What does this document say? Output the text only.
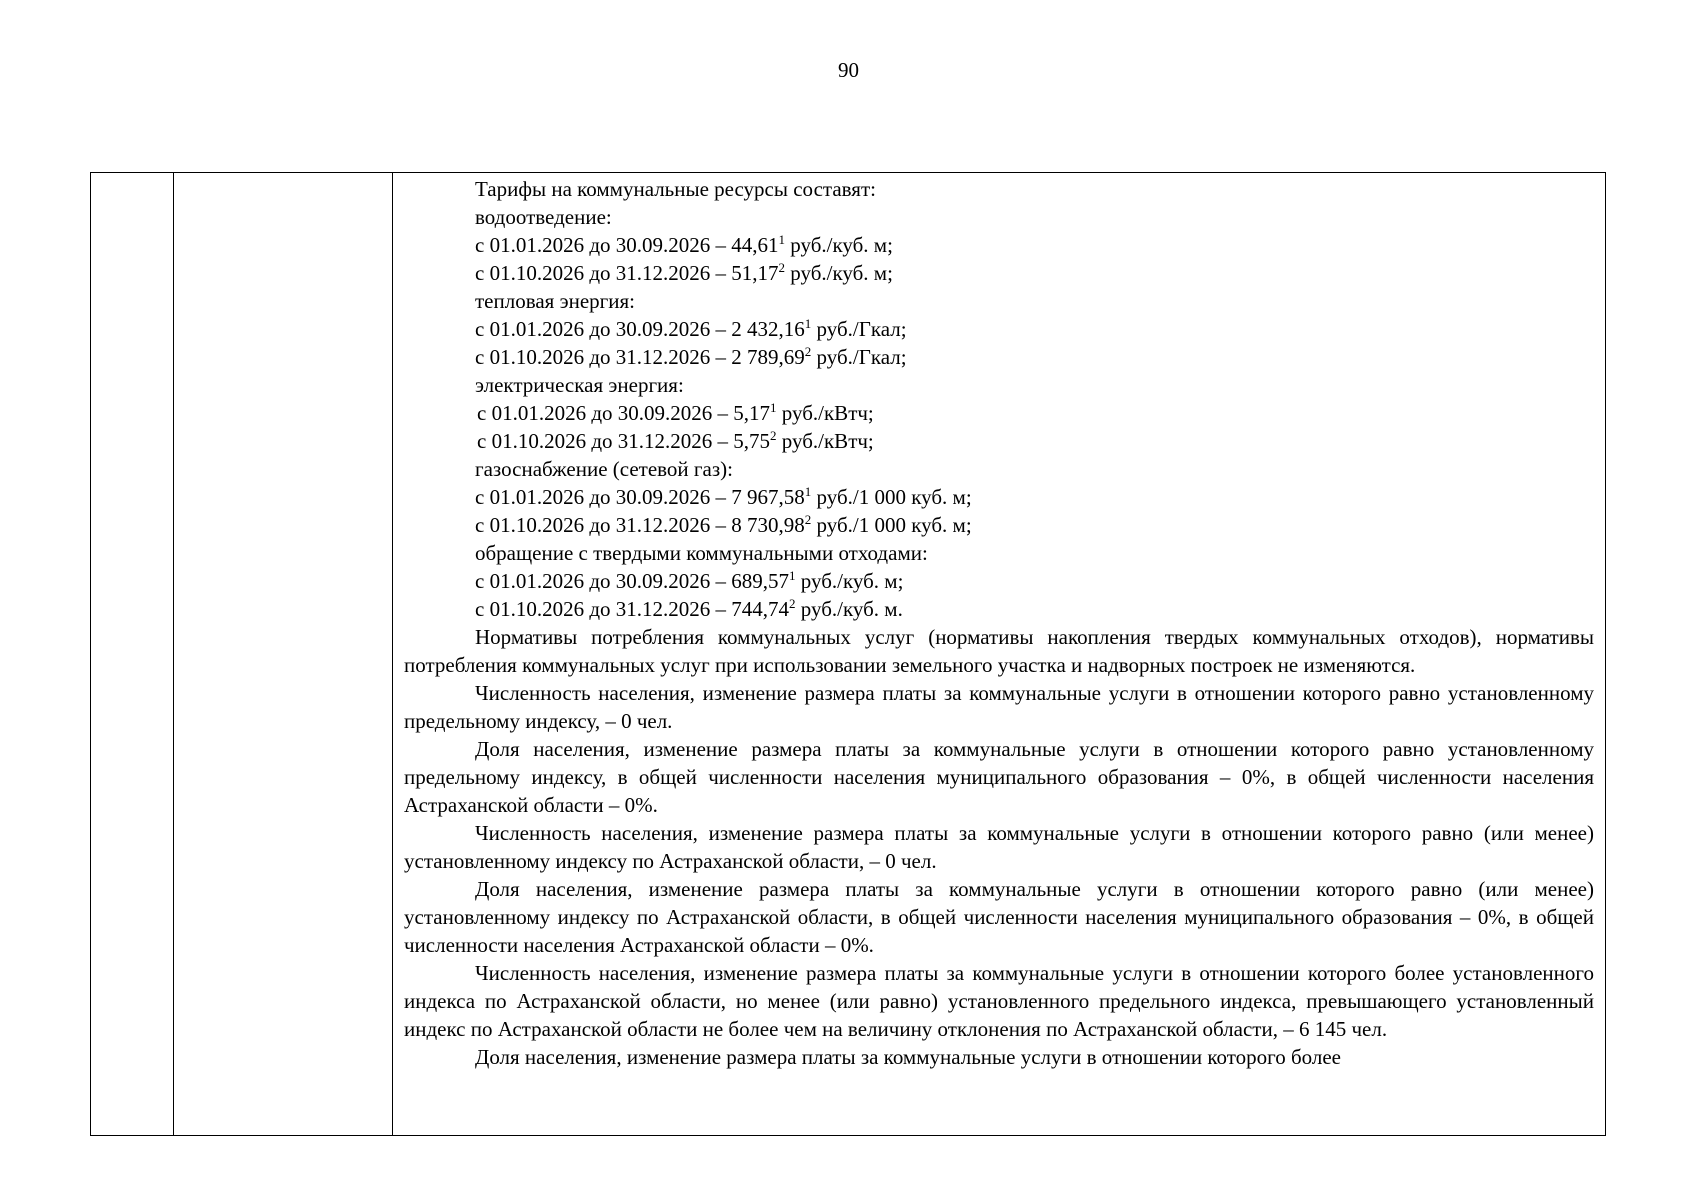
90

Тарифы на коммунальные ресурсы составят:
водоотведение:
с 01.01.2026 до 30.09.2026 – 44,61$^1$ руб./куб. м;
с 01.10.2026 до 31.12.2026 – 51,17$^2$ руб./куб. м;
тепловая энергия:
с 01.01.2026 до 30.09.2026 – 2 432,16$^1$ руб./Гкал;
с 01.10.2026 до 31.12.2026 – 2 789,69$^2$ руб./Гкал;
электрическая энергия:
с 01.01.2026 до 30.09.2026 – 5,17$^1$ руб./кВтч;
с 01.10.2026 до 31.12.2026 – 5,75$^2$ руб./кВтч;
газоснабжение (сетевой газ):
с 01.01.2026 до 30.09.2026 – 7 967,58$^1$ руб./1 000 куб. м;
с 01.10.2026 до 31.12.2026 – 8 730,98$^2$ руб./1 000 куб. м;
обращение с твердыми коммунальными отходами:
с 01.01.2026 до 30.09.2026 – 689,57$^1$ руб./куб. м;
с 01.10.2026 до 31.12.2026 – 744,74$^2$ руб./куб. м.

Нормативы потребления коммунальных услуг (нормативы накопления твердых коммунальных отходов), нормативы потребления коммунальных услуг при использовании земельного участка и надворных построек не изменяются.

Численность населения, изменение размера платы за коммунальные услуги в отношении которого равно установленному предельному индексу, – 0 чел.

Доля населения, изменение размера платы за коммунальные услуги в отношении которого равно установленному предельному индексу, в общей численности населения муниципального образования – 0%, в общей численности населения Астраханской области – 0%.

Численность населения, изменение размера платы за коммунальные услуги в отношении которого равно (или менее) установленному индексу по Астраханской области, – 0 чел.

Доля населения, изменение размера платы за коммунальные услуги в отношении которого равно (или менее) установленному индексу по Астраханской области, в общей численности населения муниципального образования – 0%, в общей численности населения Астраханской области – 0%.

Численность населения, изменение размера платы за коммунальные услуги в отношении которого более установленного индекса по Астраханской области, но менее (или равно) установленного предельного индекса, превышающего установленный индекс по Астраханской области не более чем на величину отклонения по Астраханской области, – 6 145 чел.

Доля населения, изменение размера платы за коммунальные услуги в отношении которого более
